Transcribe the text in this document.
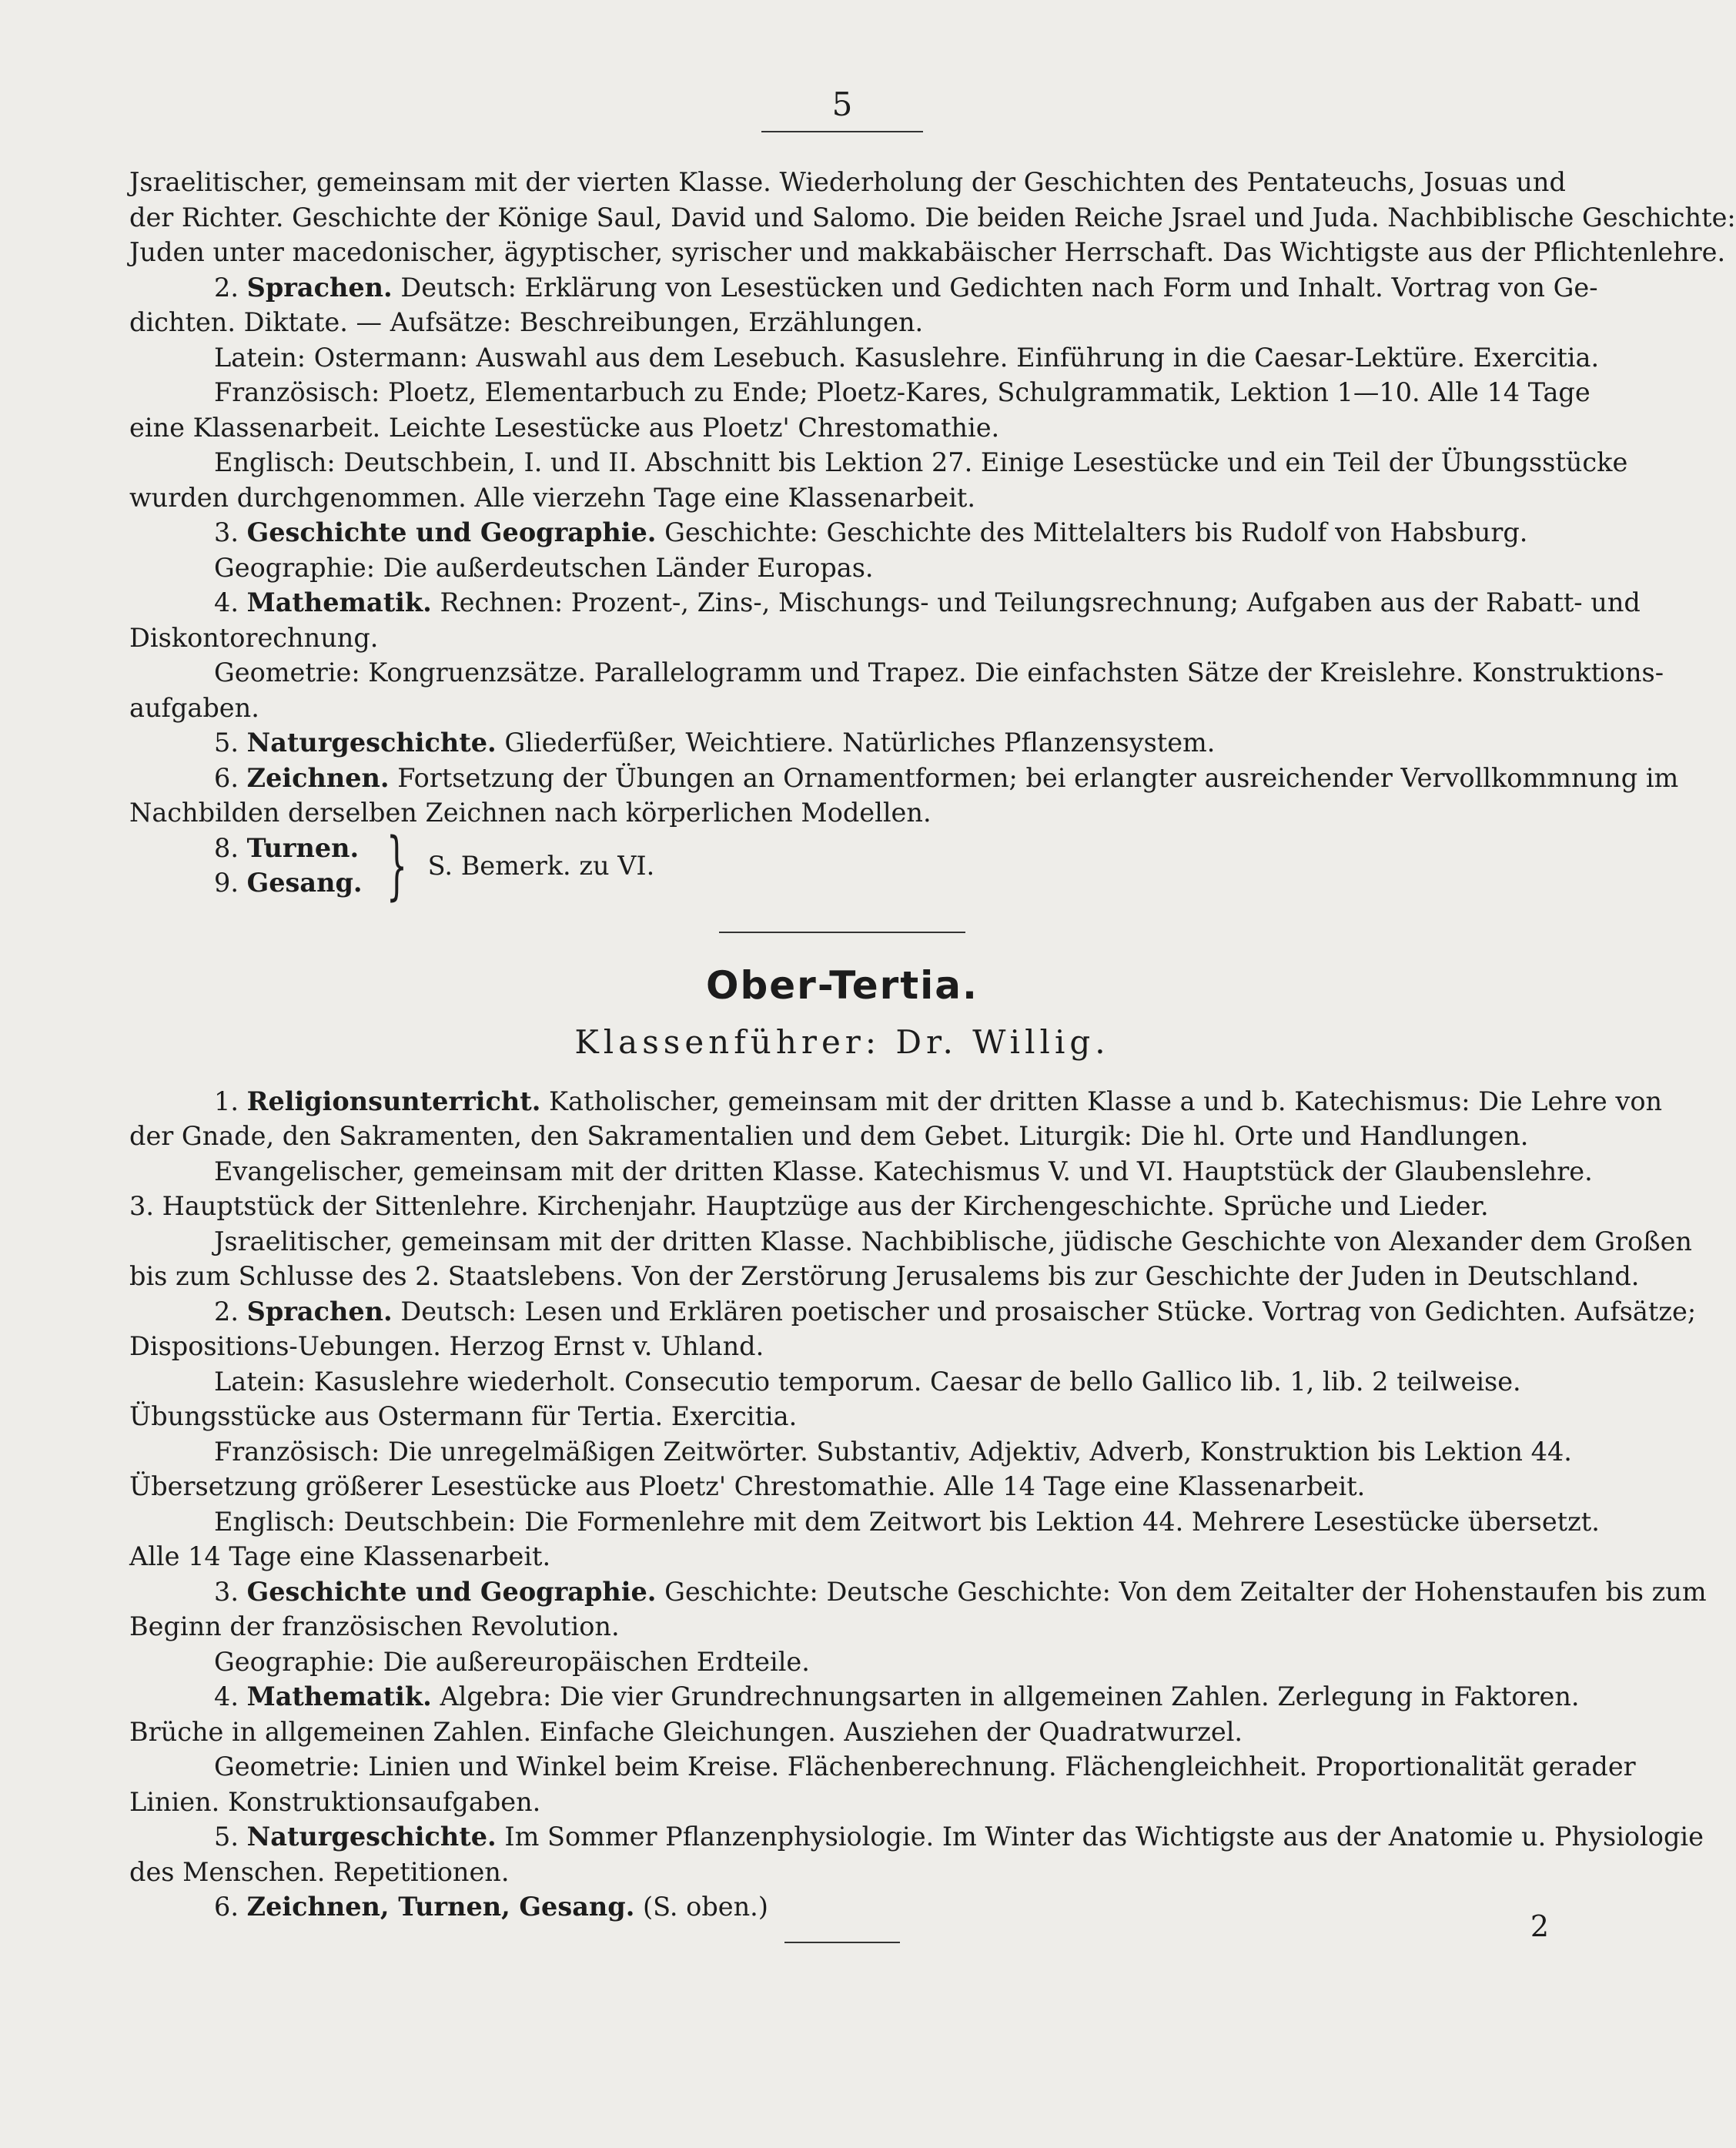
5
Jsraelitischer, gemeinsam mit der vierten Klasse. Wiederholung der Geschichten des Pentateuchs, Josuas und
der Richter. Geschichte der Könige Saul, David und Salomo. Die beiden Reiche Jsrael und Juda. Nachbiblische Geschichte:
Juden unter macedonischer, ägyptischer, syrischer und makkabäischer Herrschaft. Das Wichtigste aus der Pflichtenlehre.
2. Sprachen. Deutsch: Erklärung von Lesestücken und Gedichten nach Form und Inhalt. Vortrag von Ge-
dichten. Diktate. — Aufsätze: Beschreibungen, Erzählungen.
Latein: Ostermann: Auswahl aus dem Lesebuch. Kasuslehre. Einführung in die Caesar-Lektüre. Exercitia.
Französisch: Ploetz, Elementarbuch zu Ende; Ploetz-Kares, Schulgrammatik, Lektion 1—10. Alle 14 Tage
eine Klassenarbeit. Leichte Lesestücke aus Ploetz' Chrestomathie.
Englisch: Deutschbein, I. und II. Abschnitt bis Lektion 27. Einige Lesestücke und ein Teil der Übungsstücke
wurden durchgenommen. Alle vierzehn Tage eine Klassenarbeit.
3. Geschichte und Geographie. Geschichte: Geschichte des Mittelalters bis Rudolf von Habsburg.
Geographie: Die außerdeutschen Länder Europas.
4. Mathematik. Rechnen: Prozent-, Zins-, Mischungs- und Teilungsrechnung; Aufgaben aus der Rabatt- und
Diskontorechnung.
Geometrie: Kongruenzsätze. Parallelogramm und Trapez. Die einfachsten Sätze der Kreislehre. Konstruktions-
aufgaben.
5. Naturgeschichte. Gliederfüßer, Weichtiere. Natürliches Pflanzensystem.
6. Zeichnen. Fortsetzung der Übungen an Ornamentformen; bei erlangter ausreichender Vervollkommnung im
Nachbilden derselben Zeichnen nach körperlichen Modellen.
8. Turnen.
9. Gesang. } S. Bemerk. zu VI.
Ober-Tertia.
Klassenführer: Dr. Willig.
1. Religionsunterricht. Katholischer, gemeinsam mit der dritten Klasse a und b. Katechismus: Die Lehre von
der Gnade, den Sakramenten, den Sakramentalien und dem Gebet. Liturgik: Die hl. Orte und Handlungen.
Evangelischer, gemeinsam mit der dritten Klasse. Katechismus V. und VI. Hauptstück der Glaubenslehre.
3. Hauptstück der Sittenlehre. Kirchenjahr. Hauptzüge aus der Kirchengeschichte. Sprüche und Lieder.
Jsraelitischer, gemeinsam mit der dritten Klasse. Nachbiblische, jüdische Geschichte von Alexander dem Großen
bis zum Schlusse des 2. Staatslebens. Von der Zerstörung Jerusalems bis zur Geschichte der Juden in Deutschland.
2. Sprachen. Deutsch: Lesen und Erklären poetischer und prosaischer Stücke. Vortrag von Gedichten. Aufsätze;
Dispositions-Uebungen. Herzog Ernst v. Uhland.
Latein: Kasuslehre wiederholt. Consecutio temporum. Caesar de bello Gallico lib. 1, lib. 2 teilweise.
Übungsstücke aus Ostermann für Tertia. Exercitia.
Französisch: Die unregelmäßigen Zeitwörter. Substantiv, Adjektiv, Adverb, Konstruktion bis Lektion 44.
Übersetzung größerer Lesestücke aus Ploetz' Chrestomathie. Alle 14 Tage eine Klassenarbeit.
Englisch: Deutschbein: Die Formenlehre mit dem Zeitwort bis Lektion 44. Mehrere Lesestücke übersetzt.
Alle 14 Tage eine Klassenarbeit.
3. Geschichte und Geographie. Geschichte: Deutsche Geschichte: Von dem Zeitalter der Hohenstaufen bis zum
Beginn der französischen Revolution.
Geographie: Die außereuropäischen Erdteile.
4. Mathematik. Algebra: Die vier Grundrechnungsarten in allgemeinen Zahlen. Zerlegung in Faktoren.
Brüche in allgemeinen Zahlen. Einfache Gleichungen. Ausziehen der Quadratwurzel.
Geometrie: Linien und Winkel beim Kreise. Flächenberechnung. Flächengleichheit. Proportionalität gerader
Linien. Konstruktionsaufgaben.
5. Naturgeschichte. Im Sommer Pflanzenphysiologie. Im Winter das Wichtigste aus der Anatomie u. Physiologie
des Menschen. Repetitionen.
6. Zeichnen, Turnen, Gesang. (S. oben.)
2
